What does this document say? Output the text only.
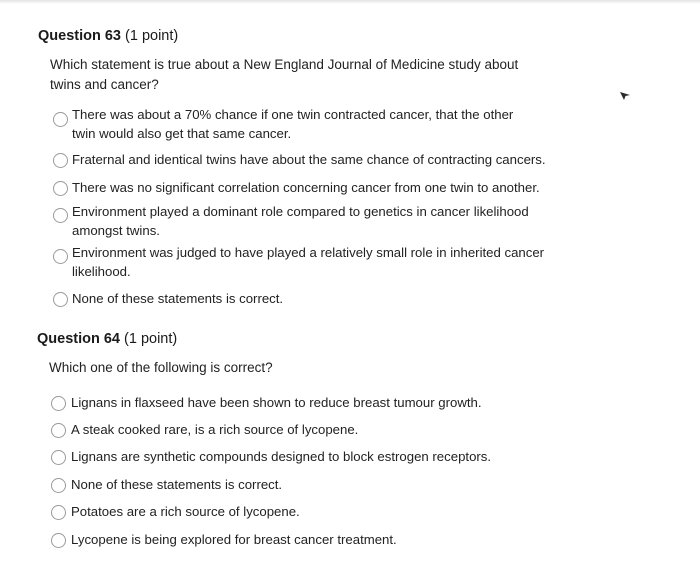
Question 63 (1 point)
Which statement is true about a New England Journal of Medicine study about twins and cancer?
There was about a 70% chance if one twin contracted cancer, that the other twin would also get that same cancer.
Fraternal and identical twins have about the same chance of contracting cancers.
There was no significant correlation concerning cancer from one twin to another.
Environment played a dominant role compared to genetics in cancer likelihood amongst twins.
Environment was judged to have played a relatively small role in inherited cancer likelihood.
None of these statements is correct.
Question 64 (1 point)
Which one of the following is correct?
Lignans in flaxseed have been shown to reduce breast tumour growth.
A steak cooked rare, is a rich source of lycopene.
Lignans are synthetic compounds designed to block estrogen receptors.
None of these statements is correct.
Potatoes are a rich source of lycopene.
Lycopene is being explored for breast cancer treatment.
